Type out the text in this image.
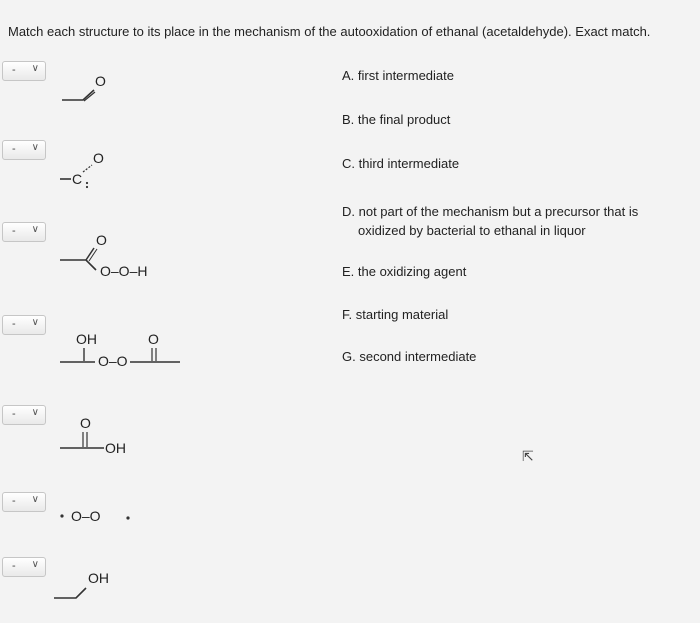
Match each structure to its place in the mechanism of the autooxidation of ethanal (acetaldehyde). Exact match.
- ∨
- ∨
- ∨
- ∨
- ∨
- ∨
- ∨
O
C
O
O
O–O–H
OH
O–O
O
O
OH
O–O
OH
A. first intermediate
B. the final product
C. third intermediate
D. not part of the mechanism but a precursor that is
oxidized by bacterial to ethanal in liquor
E. the oxidizing agent
F. starting material
G. second intermediate
⇱
